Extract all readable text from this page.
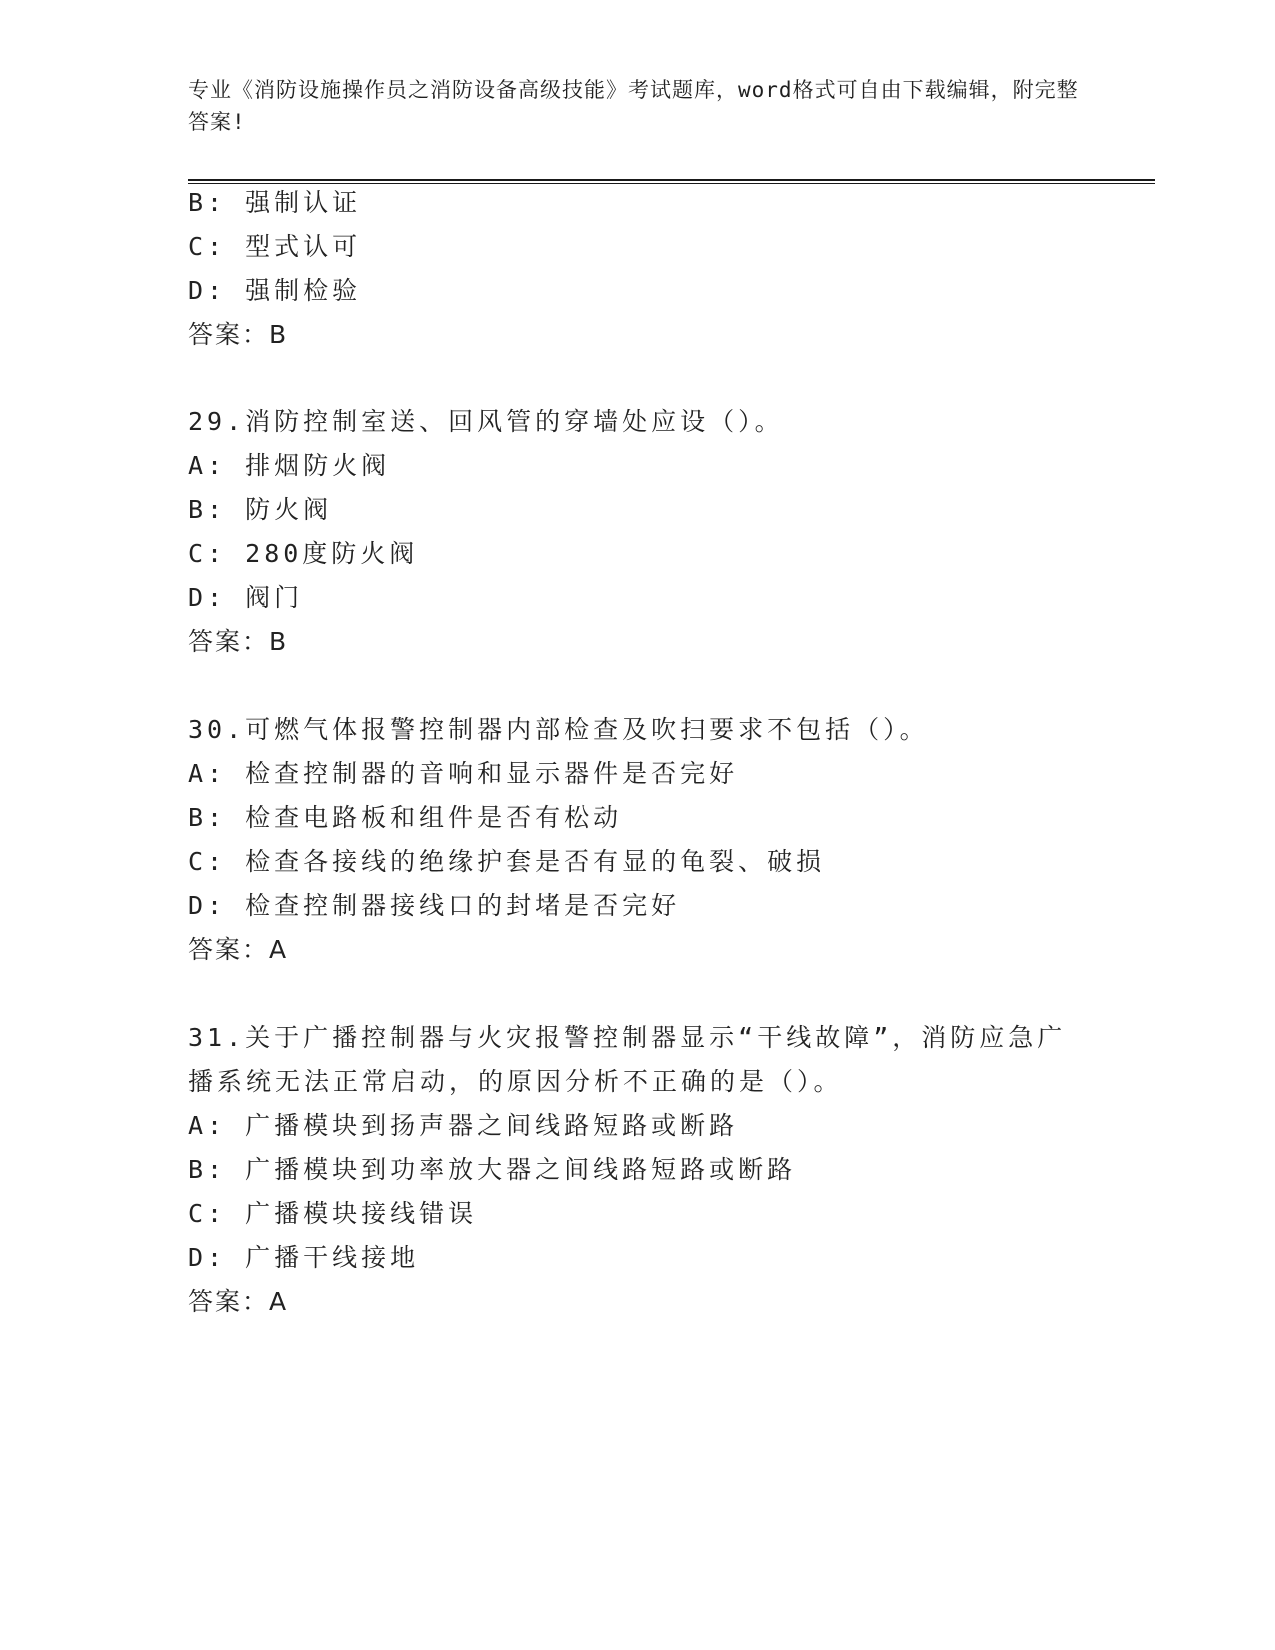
专业《消防设施操作员之消防设备高级技能》考试题库，word格式可自由下载编辑，附完整答案!
B: 强制认证
C: 型式认可
D: 强制检验
答案：B
29.消防控制室送、回风管的穿墙处应设（）。
A: 排烟防火阀
B: 防火阀
C: 280度防火阀
D: 阀门
答案：B
30.可燃气体报警控制器内部检查及吹扫要求不包括（）。
A: 检查控制器的音响和显示器件是否完好
B: 检查电路板和组件是否有松动
C: 检查各接线的绝缘护套是否有显的龟裂、破损
D: 检查控制器接线口的封堵是否完好
答案：A
31.关于广播控制器与火灾报警控制器显示“干线故障”，消防应急广
播系统无法正常启动，的原因分析不正确的是（）。
A: 广播模块到扬声器之间线路短路或断路
B: 广播模块到功率放大器之间线路短路或断路
C: 广播模块接线错误
D: 广播干线接地
答案：A
